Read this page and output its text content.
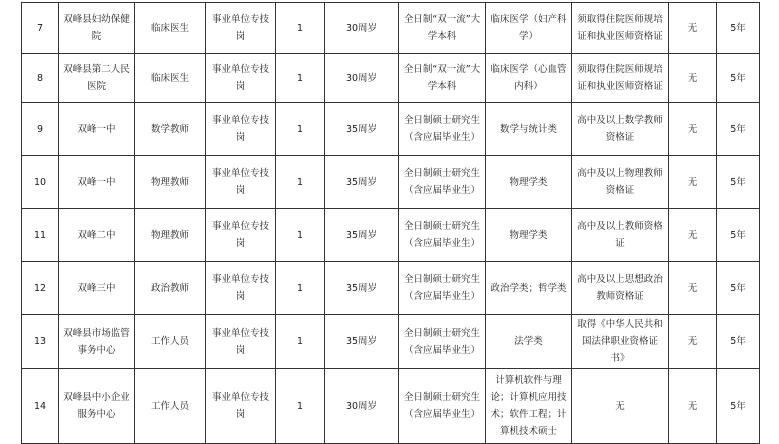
7	双峰县妇幼保健院	临床医生	事业单位专技岗	1	30周岁	全日制“双一流”大学本科	临床医学（妇产科学）	须取得住院医师规培证和执业医师资格证	无	5年
8	双峰县第二人民医院	临床医生	事业单位专技岗	1	30周岁	全日制“双一流”大学本科	临床医学（心血管内科）	须取得住院医师规培证和执业医师资格证	无	5年
9	双峰一中	数学教师	事业单位专技岗	1	35周岁	全日制硕士研究生（含应届毕业生）	数学与统计类	高中及以上数学教师资格证	无	5年
10	双峰一中	物理教师	事业单位专技岗	1	35周岁	全日制硕士研究生（含应届毕业生）	物理学类	高中及以上物理教师资格证	无	5年
11	双峰二中	物理教师	事业单位专技岗	1	35周岁	全日制硕士研究生（含应届毕业生）	物理学类	高中及以上教师资格证	无	5年
12	双峰三中	政治教师	事业单位专技岗	1	35周岁	全日制硕士研究生（含应届毕业生）	政治学类；哲学类	高中及以上思想政治教师资格证	无	5年
13	双峰县市场监管事务中心	工作人员	事业单位专技岗	1	35周岁	全日制硕士研究生（含应届毕业生）	法学类	取得《中华人民共和国法律职业资格证书》	无	5年
14	双峰县中小企业服务中心	工作人员	事业单位专技岗	1	30周岁	全日制硕士研究生（含应届毕业生）	计算机软件与理论；计算机应用技术；软件工程；计算机技术硕士	无	无	5年
